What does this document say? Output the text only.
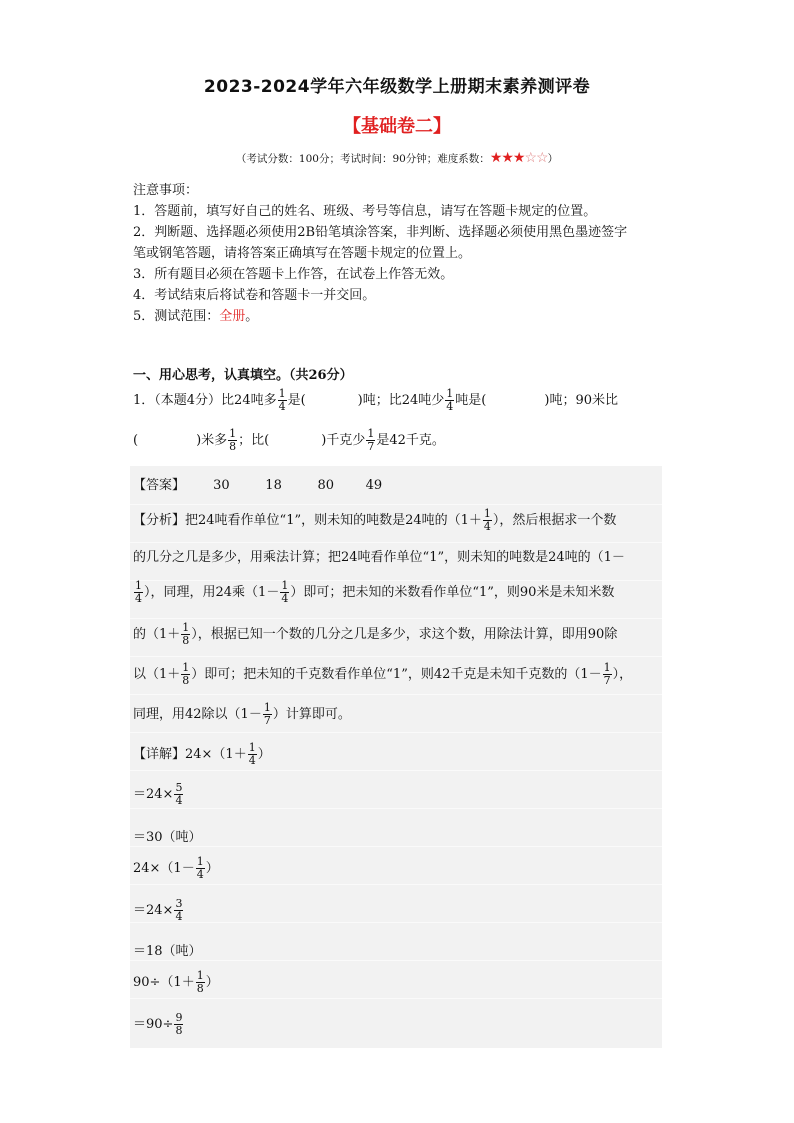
2023-2024学年六年级数学上册期末素养测评卷
【基础卷二】
（考试分数：100分；考试时间：90分钟；难度系数：★★★☆☆）
注意事项：
1．答题前，填写好自己的姓名、班级、考号等信息，请写在答题卡规定的位置。
2．判断题、选择题必须使用2B铅笔填涂答案，非判断、选择题必须使用黑色墨迹签字
笔或钢笔答题，请将答案正确填写在答题卡规定的位置上。
3．所有题目必须在答题卡上作答，在试卷上作答无效。
4．考试结束后将试卷和答题卡一并交回。
5．测试范围：全册。
一、用心思考，认真填空。（共26分）
1．（本题4分）比24吨多 $\frac{1}{4}$ 是(	)吨；比24吨少 $\frac{1}{4}$ 吨是(	)吨；90米比
(	)米多 $\frac{1}{8}$ ；比(	)千克少 $\frac{1}{7}$ 是42千克。
【答案】 30	18	80 49
【分析】把24吨看作单位“1”，则未知的吨数是24吨的（$1+ \frac{1}{4}$ ），然后根据求一个数
的几分之几是多少，用乘法计算；把24吨看作单位“1”，则未知的吨数是24吨的（1－
$\frac{1}{4}$ ），同理，用24乘（$1- \frac{1}{4}$ ）即可；把未知的米数看作单位“1”，则90米是未知米数
的（$1+ \frac{1}{8}$ ），根据已知一个数的几分之几是多少，求这个数，用除法计算，即用90除
以（$1+ \frac{1}{8}$ ）即可；把未知的千克数看作单位“1”，则42千克是未知千克数的（$1- \frac{1}{7}$ ），
同理，用42除以（$1- \frac{1}{7}$ ）计算即可。
【详解】$24\times(1+ \frac{1}{4}$ ）
$=24\times \frac{5}{4}$
＝30（吨）
$24\times(1- \frac{1}{4}$ ）
$=24\times \frac{3}{4}$
＝18（吨）
$90\div(1+ \frac{1}{8}$ ）
$=90\div \frac{9}{8}$
